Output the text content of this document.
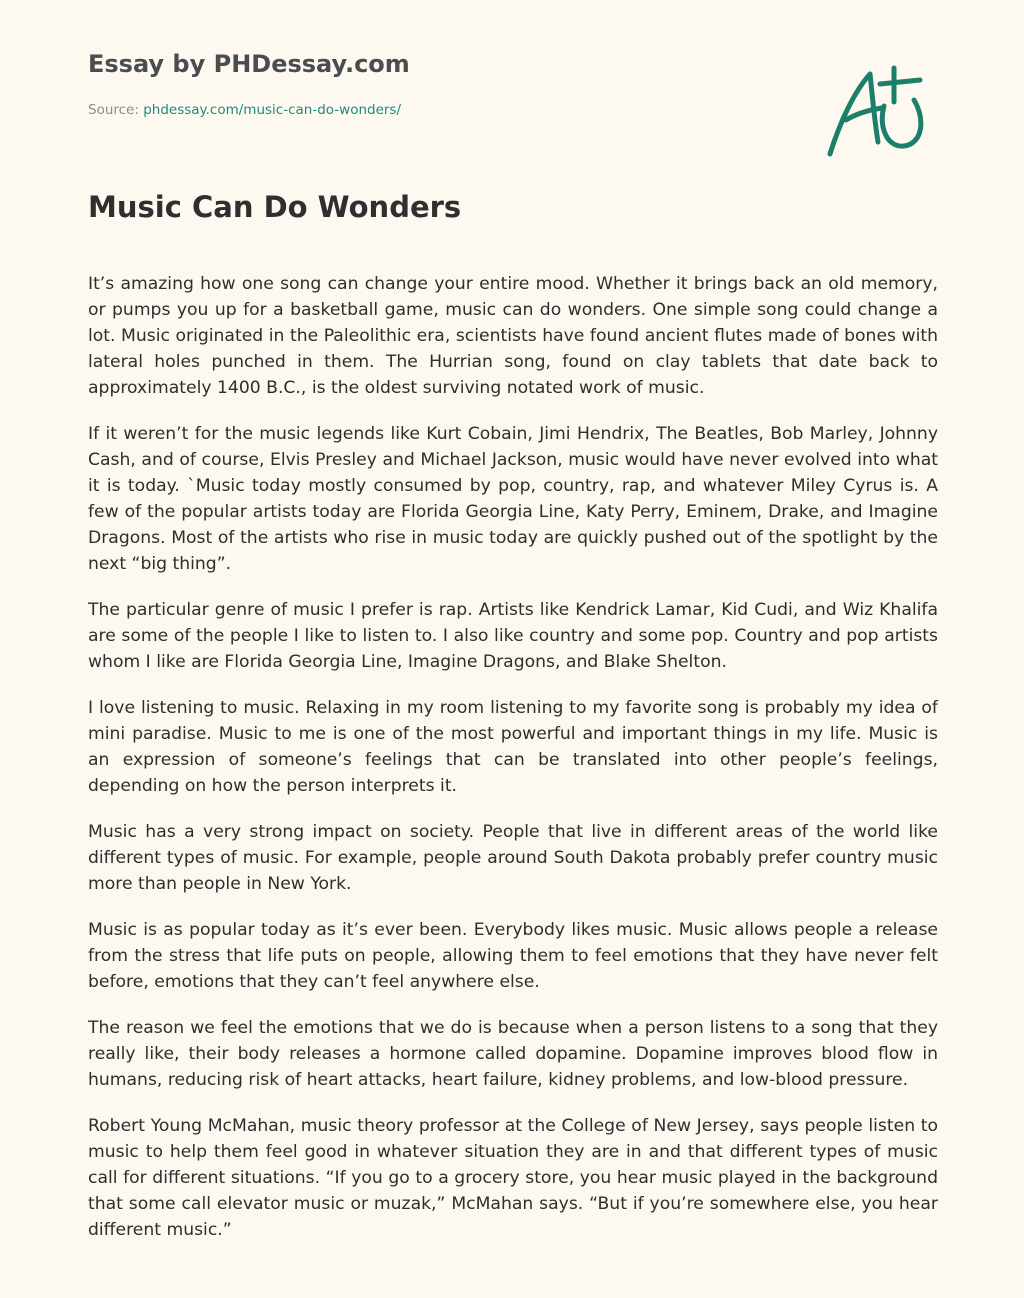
Essay by PHDessay.com
Source: phdessay.com/music-can-do-wonders/
Music Can Do Wonders

It’s amazing how one song can change your entire mood. Whether it brings back an old memory, or pumps you up for a basketball game, music can do wonders. One simple song could change a lot. Music originated in the Paleolithic era, scientists have found ancient flutes made of bones with lateral holes punched in them. The Hurrian song, found on clay tablets that date back to approximately 1400 B.C., is the oldest surviving notated work of music.

If it weren’t for the music legends like Kurt Cobain, Jimi Hendrix, The Beatles, Bob Marley, Johnny Cash, and of course, Elvis Presley and Michael Jackson, music would have never evolved into what it is today. `Music today mostly consumed by pop, country, rap, and whatever Miley Cyrus is. A few of the popular artists today are Florida Georgia Line, Katy Perry, Eminem, Drake, and Imagine Dragons. Most of the artists who rise in music today are quickly pushed out of the spotlight by the next “big thing”.

The particular genre of music I prefer is rap. Artists like Kendrick Lamar, Kid Cudi, and Wiz Khalifa are some of the people I like to listen to. I also like country and some pop. Country and pop artists whom I like are Florida Georgia Line, Imagine Dragons, and Blake Shelton.

I love listening to music. Relaxing in my room listening to my favorite song is probably my idea of mini paradise. Music to me is one of the most powerful and important things in my life. Music is an expression of someone’s feelings that can be translated into other people’s feelings, depending on how the person interprets it.

Music has a very strong impact on society. People that live in different areas of the world like different types of music. For example, people around South Dakota probably prefer country music more than people in New York.

Music is as popular today as it’s ever been. Everybody likes music. Music allows people a release from the stress that life puts on people, allowing them to feel emotions that they have never felt before, emotions that they can’t feel anywhere else.

The reason we feel the emotions that we do is because when a person listens to a song that they really like, their body releases a hormone called dopamine. Dopamine improves blood flow in humans, reducing risk of heart attacks, heart failure, kidney problems, and low-blood pressure.

Robert Young McMahan, music theory professor at the College of New Jersey, says people listen to music to help them feel good in whatever situation they are in and that different types of music call for different situations. “If you go to a grocery store, you hear music played in the background that some call elevator music or muzak,” McMahan says. “But if you’re somewhere else, you hear different music.”
